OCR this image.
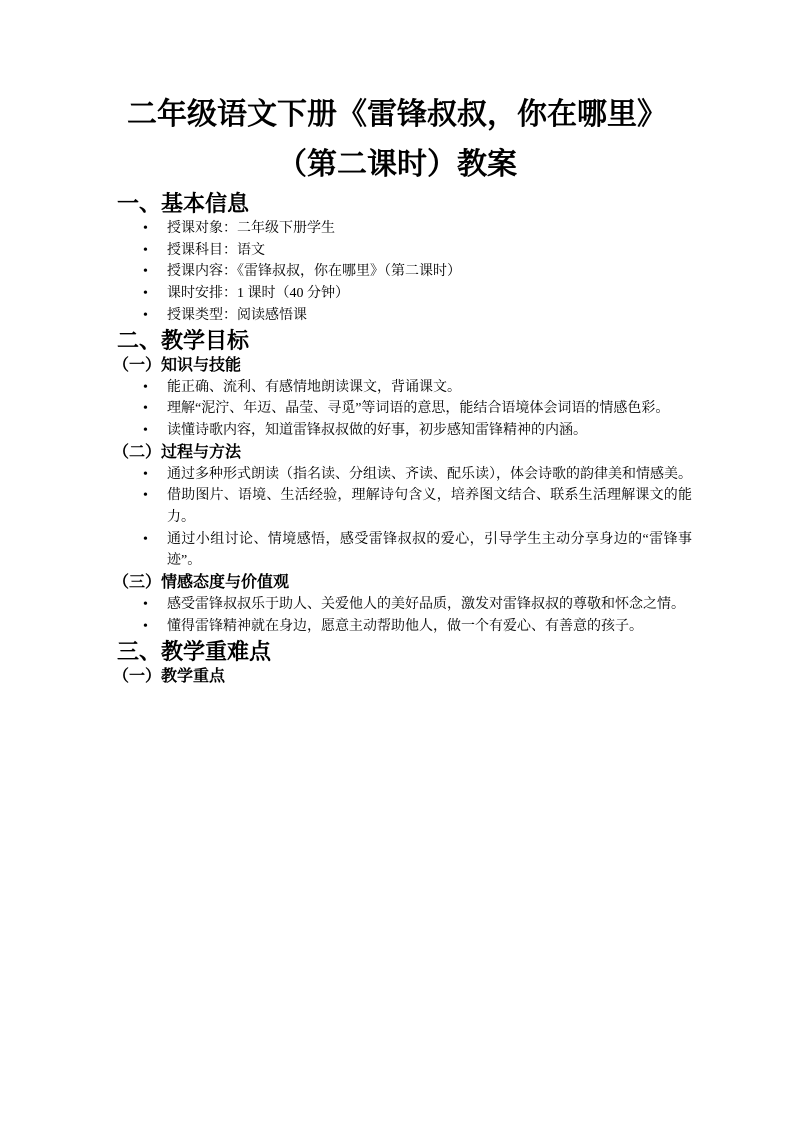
二年级语文下册《雷锋叔叔，你在哪里》（第二课时）教案
一、基本信息
• 授课对象：二年级下册学生
• 授课科目：语文
• 授课内容：《雷锋叔叔，你在哪里》（第二课时）
• 课时安排：1 课时（40 分钟）
• 授课类型：阅读感悟课
二、教学目标
（一）知识与技能
• 能正确、流利、有感情地朗读课文，背诵课文。
• 理解“泥泞、年迈、晶莹、寻觅”等词语的意思，能结合语境体会词语的情感色彩。
• 读懂诗歌内容，知道雷锋叔叔做的好事，初步感知雷锋精神的内涵。
（二）过程与方法
• 通过多种形式朗读（指名读、分组读、齐读、配乐读），体会诗歌的韵律美和情感美。
• 借助图片、语境、生活经验，理解诗句含义，培养图文结合、联系生活理解课文的能力。
• 通过小组讨论、情境感悟，感受雷锋叔叔的爱心，引导学生主动分享身边的“雷锋事迹”。
（三）情感态度与价值观
• 感受雷锋叔叔乐于助人、关爱他人的美好品质，激发对雷锋叔叔的尊敬和怀念之情。
• 懂得雷锋精神就在身边，愿意主动帮助他人，做一个有爱心、有善意的孩子。
三、教学重难点
（一）教学重点
